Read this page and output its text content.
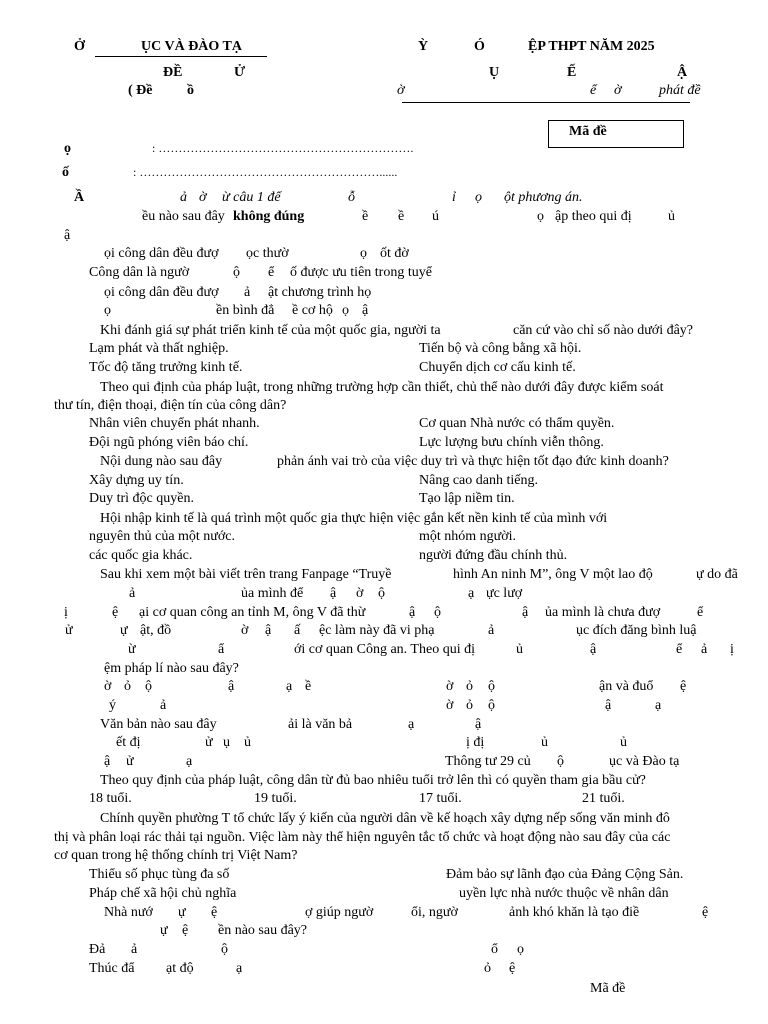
Ở	ỤC VÀ ĐÀO TẠ	Ỳ	Ó	ỆP THPT NĂM 2025
ĐỀ	Ử	Ụ	Ế	Ậ
( Đề ồ	ờ	ể ờ	phát đề
Mã đề
ọ	: ……………………………………………………….
ố	: ……………………………………………………......
Ầ	ả ờ ừ câu 1 để	ỗ	ỉ ọ ột phương án.
ều nào sau đây không đúng	ề ề ú	ọ ập theo qui đị	ủ
ậ
ọi công dân đều đượ ọc thườ	ọ ốt đờ
Công dân là ngườ	ộ ể ố được ưu tiên trong tuyể
ọi công dân đều đượ ả ật chương trình họ
ọ	ền bình đẳ ề cơ hộ ọ ậ
Khi đánh giá sự phát triển kinh tế của một quốc gia, người ta	căn cứ vào chỉ số nào dưới đây?
Lạm phát và thất nghiệp.	Tiến bộ và công bằng xã hội.
Tốc độ tăng trưởng kinh tế.	Chuyển dịch cơ cấu kinh tế.
Theo qui định của pháp luật, trong những trường hợp cần thiết, chủ thể nào dưới đây được kiểm soát
thư tín, điện thoại, điện tín của công dân?
Nhân viên chuyển phát nhanh.	Cơ quan Nhà nước có thẩm quyền.
Đội ngũ phóng viên báo chí.	Lực lượng bưu chính viễn thông.
Nội dung nào sau đây	phản ánh vai trò của việc duy trì và thực hiện tốt đạo đức kinh doanh?
Xây dựng uy tín.	Nâng cao danh tiếng.
Duy trì độc quyền.	Tạo lập niềm tin.
Hội nhập kinh tế là quá trình một quốc gia thực hiện việc gắn kết nền kinh tế của mình với
nguyên thủ của một nước.	một nhóm người.
các quốc gia khác.	người đứng đầu chính thủ.
Sau khi xem một bài viết trên trang Fanpage “Truyề	hình An ninh M”, ông V một lao độ	ự do đã
ả	ủa mình để ậ ờ ộ	ạ ực lượ
ị	ệ ại cơ quan công an tỉnh M, ông V đã thừ	ậ ộ	ậ ủa mình là chưa đượ	ể
ử	ự ật, đồ	ờ ậ ấ ệc làm này đã vi phạ	ả	ục đích đăng bình luậ
ừ	ẩ	ới cơ quan Công an. Theo qui đị	ủ	ậ	ể ả ị
ệm pháp lí nào sau đây?
ờ ỏ ộ	ậ	ạ ề	ờ ỏ ộ	ận và đuổ ệ
ý	ả	ờ ỏ ộ	ậ	ạ
Văn bản nào sau đây	ải là văn bả	ạ	ậ
ết đị	ử ụ ủ	ị đị	ủ	ủ
ậ ử	ạ	Thông tư 29 củ ộ	ục và Đào tạ
Theo quy định của pháp luật, công dân từ đủ bao nhiêu tuổi trở lên thì có quyền tham gia bầu cử?
18 tuổi.	19 tuổi.	17 tuổi.	21 tuổi.
Chính quyền phường T tổ chức lấy ý kiến của người dân về kế hoạch xây dựng nếp sống văn minh đô
thị và phân loại rác thải tại nguồn. Việc làm này thể hiện nguyên tắc tổ chức và hoạt động nào sau đây của các
cơ quan trong hệ thống chính trị Việt Nam?
Thiểu số phục tùng đa số	Đảm bảo sự lãnh đạo của Đảng Cộng Sản.
Pháp chế xã hội chủ nghĩa	uyền lực nhà nước thuộc về nhân dân
Nhà nướ ự ệ	ợ giúp ngườ	ổi, ngườ	ảnh khó khăn là tạo điề	ệ
ự ệ ền nào sau đây?
Đả ả	ộ	ổ ọ
Thúc đẩ ạt độ	ạ	ỏ ệ
Mã đề
